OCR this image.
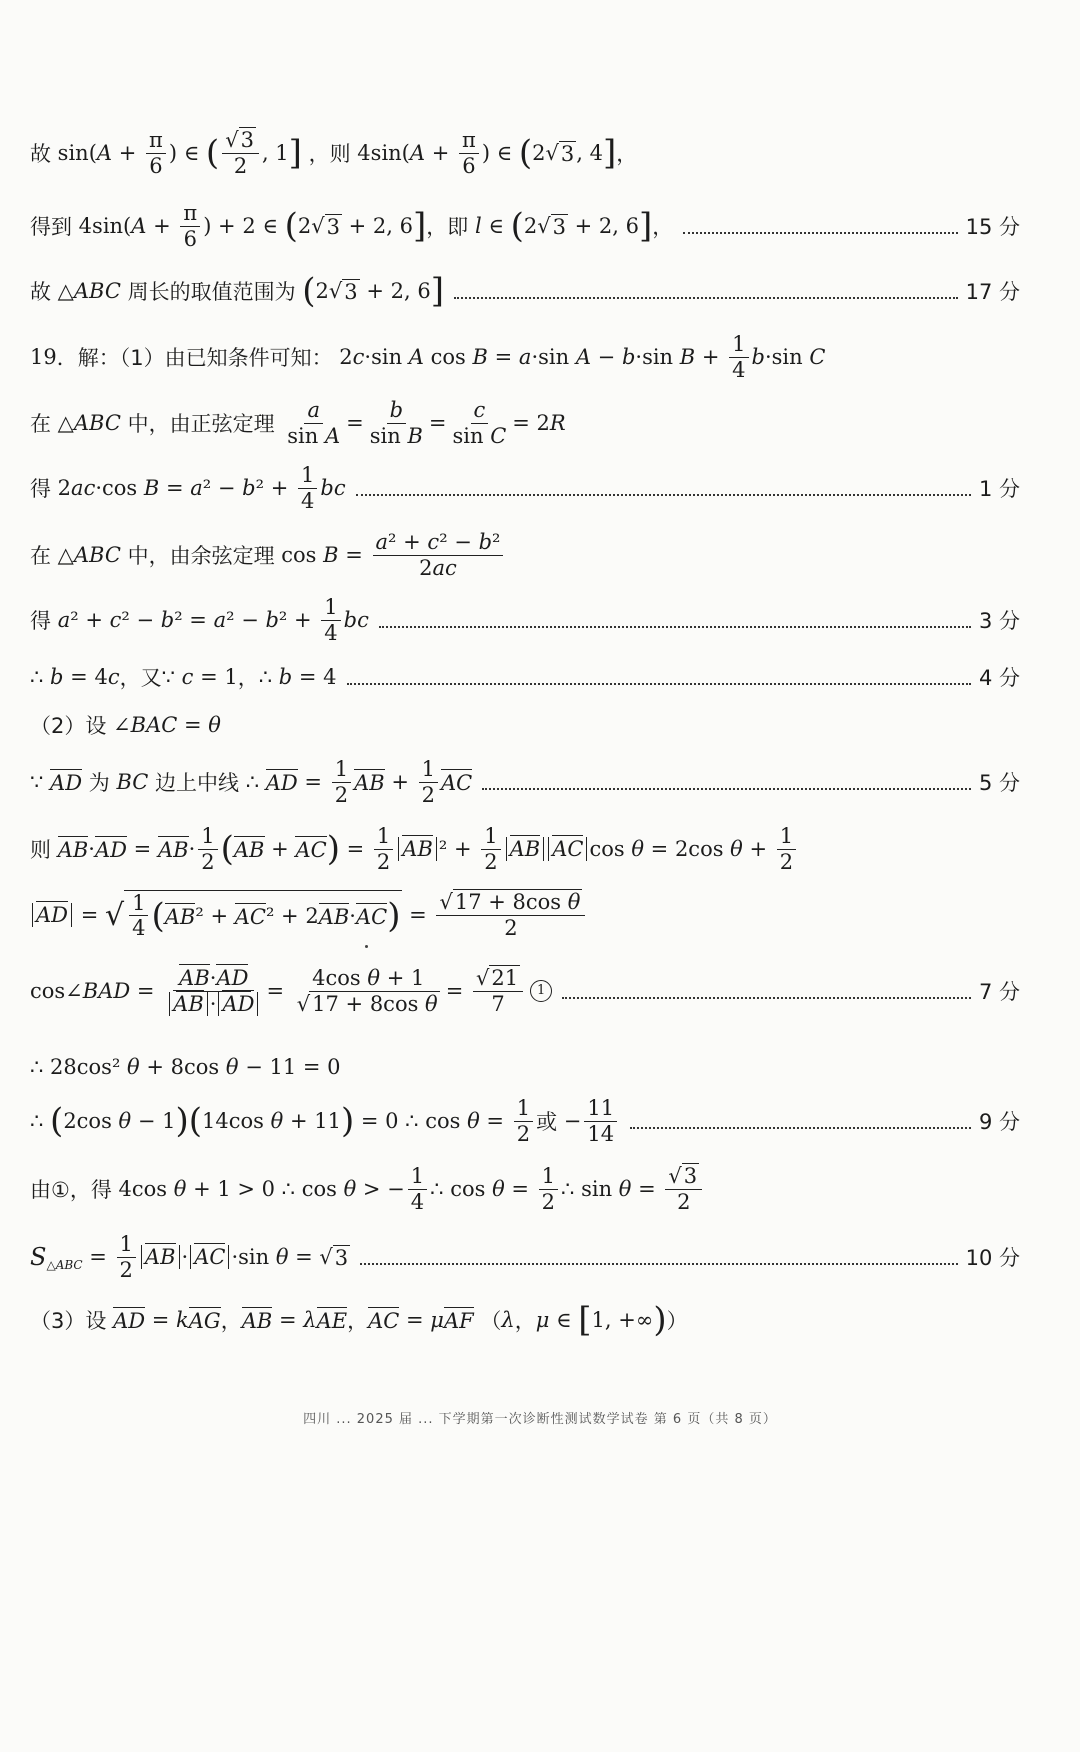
故 sin( $A + \frac{\pi}{6}$ ) ∈ ( $\frac{√3}{2}$ , 1 ]
，则 4sin( $A + \frac{\pi}{6}$ ) ∈ ( 2√ 3 , 4 ] ，
得到 4sin( $A + \frac{\pi}{6}$ ) + 2 ∈ ( 2√ 3 + 2, 6 ] ，即
l ∈ ( 2√ 3 + 2, 6 ] ，	15 分
故 △ ABC
周长的取值范围为
( 2√ 3 + 2, 6 ]	17 分
19 ．解：（1）由已知条件可知： 2 c ·sin A cos B = a ·sin A − b ·sin $B + \frac{1}{4}$ b ·sin C
在 △ ABC
中，由正弦定理
$\frac{a}{\text{sin A}} = \frac{b}{\text{sin B}} = \frac{c}{\text{sin C}} = 2$ R
得 2 ac ·cos B = a ² − b $^2 + \frac{1}{4}$ bc	1 分
在 △ ABC
中，由余弦定理 $\cos B = \frac{\text{a² + c² − b²}}{2ac}$
得
a ² + c ² − b ² = a ² − b $^2 + \frac{1}{4}$ bc	3 分
∴ b = 4 c ，又 ∵ c = 1 ， ∴ b = 4	4 分
（2）设 ∠ BAC = θ
∵ AD
为
BC
边上中线 ∴ AD = $\frac{1}{2}$ AB + $\frac{1}{2}$ AC	5 分
则
AB · AD = AB · $\frac{1}{2}$ ( AB + AC ) = $\frac{1}{2}$ AB $^2 + \frac{1}{2}$ AB AC cos θ = 2cos $\theta + \frac{1}{2}$
AD = √ $\frac{1}{4}$ ( AB ² + AC ² + 2 AB · AC ) = $\frac{\text{√17 + 8cos θ}}{2}$
cos∠ BAD = $\frac{AB\cdot AD}{AB \cdot AD} = \frac{\text{4cos θ + 1}}{\text{√17 + 8cos θ}} = \frac{√21}{7}$	1	7 分
∴ 28cos² θ + 8cos θ − 11 = 0
∴ ( 2cos θ − 1 ) ( 14cos θ + 11 ) = 0 ∴ $\cos \theta = \frac{1}{2}$ 或 − $\frac{11}{14}$	9 分
由①，得 4cos θ + 1 > 0 ∴ cos θ > − $\frac{1}{4}$ ∴ $\cos \theta = \frac{1}{2}$ ∴ $\sin \theta = \frac{√3}{2}$
S △ABC = $\frac{1}{2}$ AB · AC ·sin θ = √ 3	10 分
（3）设
AD = k AG ， AB = λ AE ， AC = μ AF
（ λ ， μ ∈ [ 1, +∞ ) ）
四川 ... 2025 届 ... 下学期第一次诊断性测试数学试卷 第 6 页（共 8 页）
